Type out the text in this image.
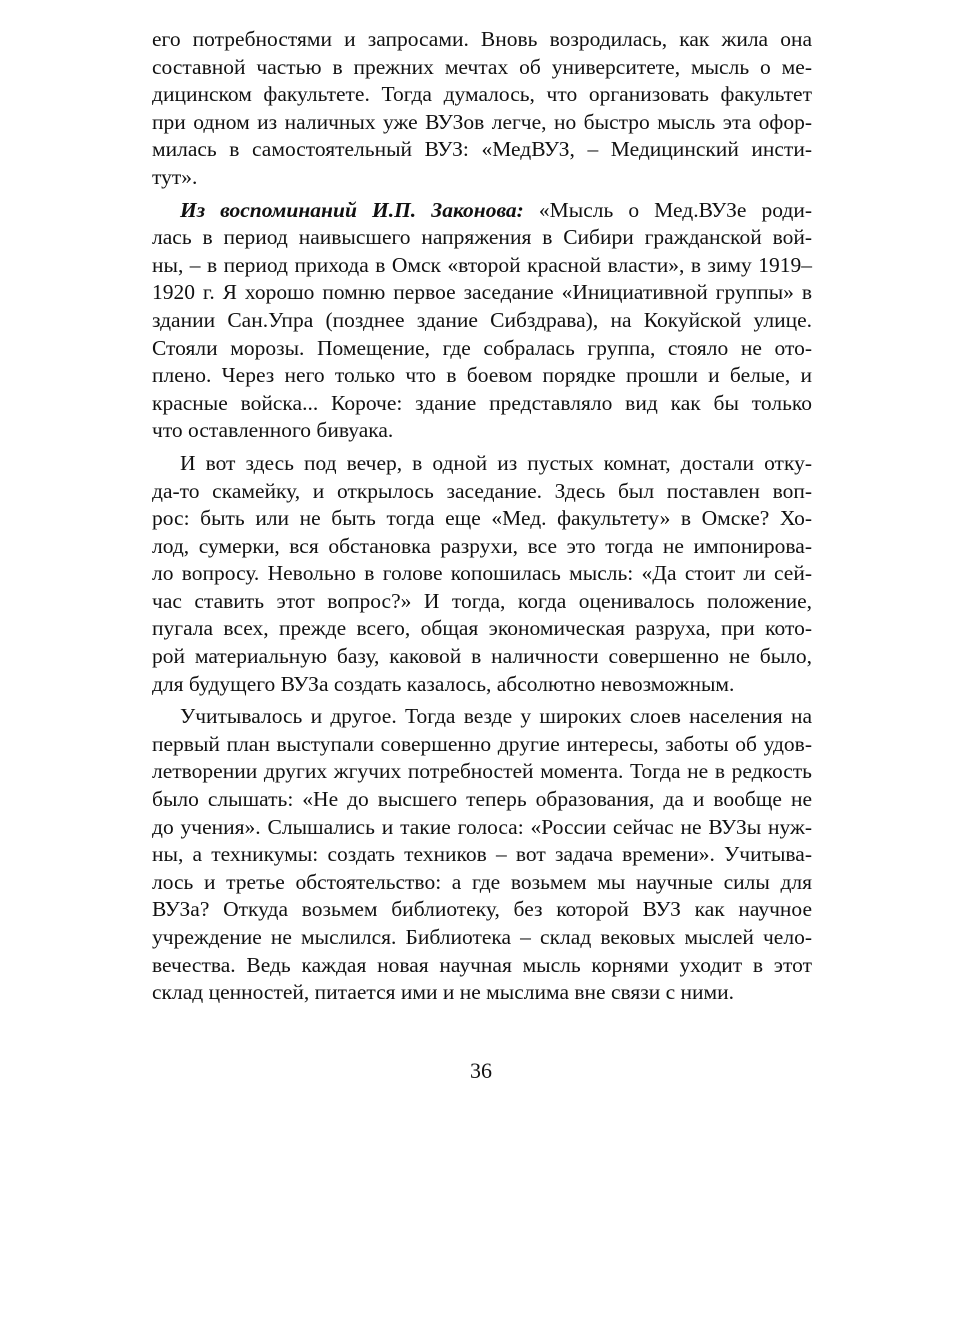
его потребностями и запросами. Вновь возродилась, как жила она
составной частью в прежних мечтах об университете, мысль о ме-
дицинском факультете. Тогда думалось, что организовать факультет
при одном из наличных уже ВУЗов легче, но быстро мысль эта офор-
милась в самостоятельный ВУЗ: «МедВУЗ, – Медицинский инсти-
тут».

Из воспоминаний И.П. Законова: «Мысль о Мед.ВУЗе роди-
лась в период наивысшего напряжения в Сибири гражданской вой-
ны, – в период прихода в Омск «второй красной власти», в зиму 1919–
1920 г. Я хорошо помню первое заседание «Инициативной группы» в
здании Сан.Упра (позднее здание Сибздрава), на Кокуйской улице.
Стояли морозы. Помещение, где собралась группа, стояло не ото-
плено. Через него только что в боевом порядке прошли и белые, и
красные войска... Короче: здание представляло вид как бы только
что оставленного бивуака.

И вот здесь под вечер, в одной из пустых комнат, достали отку-
да-то скамейку, и открылось заседание. Здесь был поставлен воп-
рос: быть или не быть тогда еще «Мед. факультету» в Омске? Хо-
лод, сумерки, вся обстановка разрухи, все это тогда не импонирова-
ло вопросу. Невольно в голове копошилась мысль: «Да стоит ли сей-
час ставить этот вопрос?» И тогда, когда оценивалось положение,
пугала всех, прежде всего, общая экономическая разруха, при кото-
рой материальную базу, каковой в наличности совершенно не было,
для будущего ВУЗа создать казалось, абсолютно невозможным.

Учитывалось и другое. Тогда везде у широких слоев населения на
первый план выступали совершенно другие интересы, заботы об удов-
летворении других жгучих потребностей момента. Тогда не в редкость
было слышать: «Не до высшего теперь образования, да и вообще не
до учения». Слышались и такие голоса: «России сейчас не ВУЗы нуж-
ны, а техникумы: создать техников – вот задача времени». Учитыва-
лось и третье обстоятельство: а где возьмем мы научные силы для
ВУЗа? Откуда возьмем библиотеку, без которой ВУЗ как научное
учреждение не мыслился. Библиотека – склад вековых мыслей чело-
вечества. Ведь каждая новая научная мысль корнями уходит в этот
склад ценностей, питается ими и не мыслима вне связи с ними.

36
